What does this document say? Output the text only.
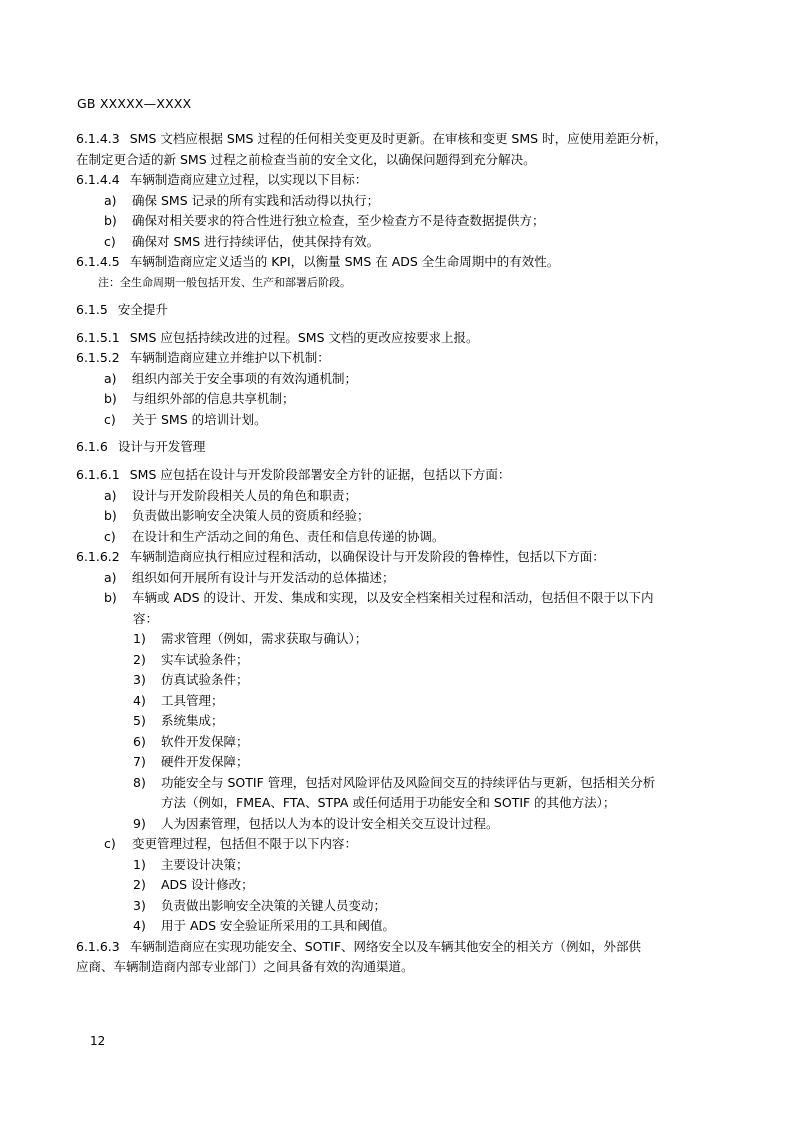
GB XXXXX—XXXX
6.1.4.3 SMS 文档应根据 SMS 过程的任何相关变更及时更新。在审核和变更 SMS 时，应使用差距分析，
在制定更合适的新 SMS 过程之前检查当前的安全文化，以确保问题得到充分解决。
6.1.4.4 车辆制造商应建立过程，以实现以下目标：
a) 确保 SMS 记录的所有实践和活动得以执行；
b) 确保对相关要求的符合性进行独立检查，至少检查方不是待查数据提供方；
c) 确保对 SMS 进行持续评估，使其保持有效。
6.1.4.5 车辆制造商应定义适当的 KPI，以衡量 SMS 在 ADS 全生命周期中的有效性。
注：全生命周期一般包括开发、生产和部署后阶段。
6.1.5 安全提升
6.1.5.1 SMS 应包括持续改进的过程。SMS 文档的更改应按要求上报。
6.1.5.2 车辆制造商应建立并维护以下机制：
a) 组织内部关于安全事项的有效沟通机制；
b) 与组织外部的信息共享机制；
c) 关于 SMS 的培训计划。
6.1.6 设计与开发管理
6.1.6.1 SMS 应包括在设计与开发阶段部署安全方针的证据，包括以下方面：
a) 设计与开发阶段相关人员的角色和职责；
b) 负责做出影响安全决策人员的资质和经验；
c) 在设计和生产活动之间的角色、责任和信息传递的协调。
6.1.6.2 车辆制造商应执行相应过程和活动，以确保设计与开发阶段的鲁棒性，包括以下方面：
a) 组织如何开展所有设计与开发活动的总体描述；
b) 车辆或 ADS 的设计、开发、集成和实现，以及安全档案相关过程和活动，包括但不限于以下内
容：
1) 需求管理（例如，需求获取与确认）；
2) 实车试验条件；
3) 仿真试验条件；
4) 工具管理；
5) 系统集成；
6) 软件开发保障；
7) 硬件开发保障；
8) 功能安全与 SOTIF 管理，包括对风险评估及风险间交互的持续评估与更新，包括相关分析
方法（例如，FMEA、FTA、STPA 或任何适用于功能安全和 SOTIF 的其他方法）；
9) 人为因素管理，包括以人为本的设计安全相关交互设计过程。
c) 变更管理过程，包括但不限于以下内容：
1) 主要设计决策；
2) ADS 设计修改；
3) 负责做出影响安全决策的关键人员变动；
4) 用于 ADS 安全验证所采用的工具和阈值。
6.1.6.3 车辆制造商应在实现功能安全、SOTIF、网络安全以及车辆其他安全的相关方（例如，外部供
应商、车辆制造商内部专业部门）之间具备有效的沟通渠道。
12
